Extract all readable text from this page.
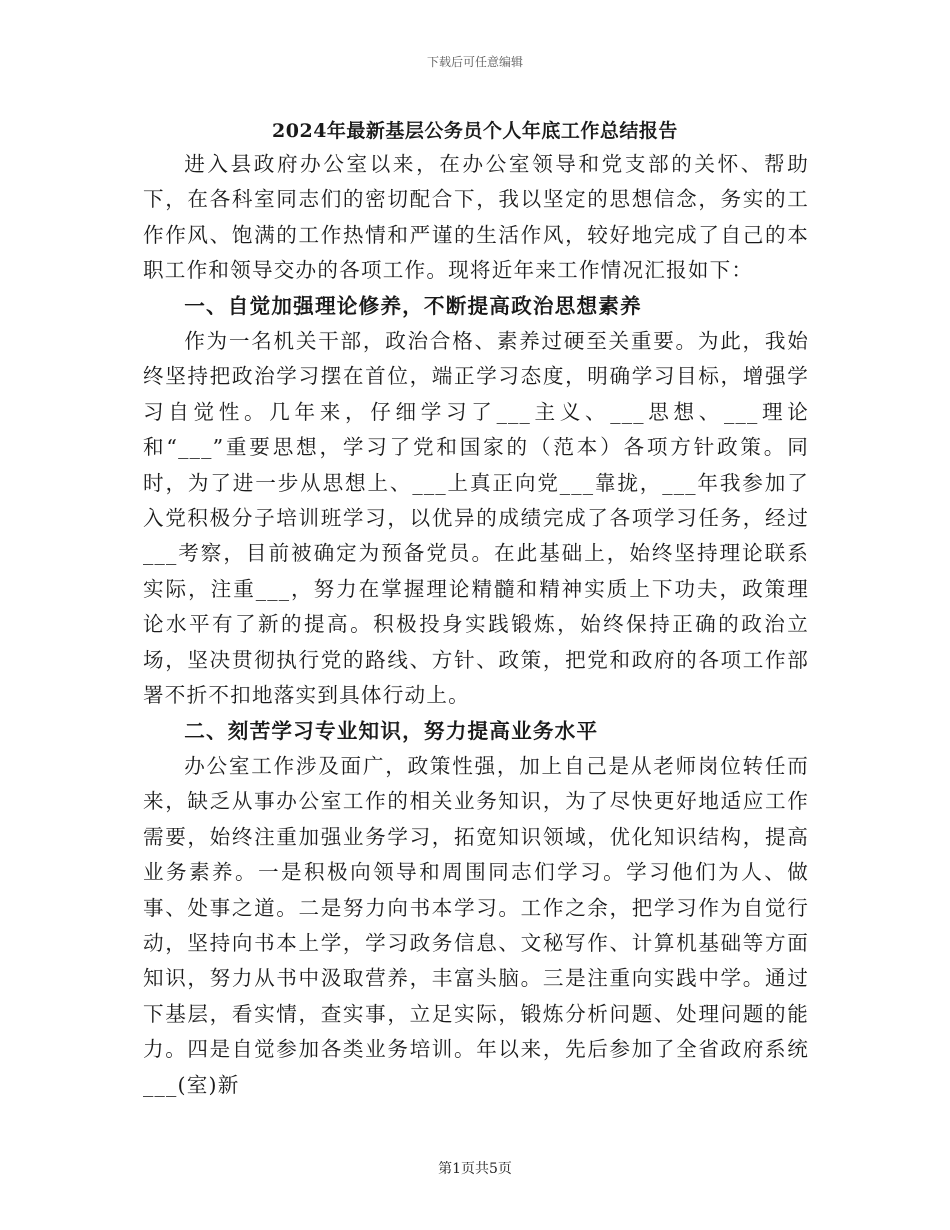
下载后可任意编辑
2024年最新基层公务员个人年底工作总结报告

进入县政府办公室以来，在办公室领导和党支部的关怀、帮助下，在各科室同志们的密切配合下，我以坚定的思想信念，务实的工作作风、饱满的工作热情和严谨的生活作风，较好地完成了自己的本职工作和领导交办的各项工作。现将近年来工作情况汇报如下：

一、自觉加强理论修养，不断提高政治思想素养

作为一名机关干部，政治合格、素养过硬至关重要。为此，我始终坚持把政治学习摆在首位，端正学习态度，明确学习目标，增强学习自觉性。几年来，仔细学习了___主义、___思想、___理论和“___”重要思想，学习了党和国家的（范本）各项方针政策。同时，为了进一步从思想上、___上真正向党___靠拢，___年我参加了入党积极分子培训班学习，以优异的成绩完成了各项学习任务，经过___考察，目前被确定为预备党员。在此基础上，始终坚持理论联系实际，注重___，努力在掌握理论精髓和精神实质上下功夫，政策理论水平有了新的提高。积极投身实践锻炼，始终保持正确的政治立场，坚决贯彻执行党的路线、方针、政策，把党和政府的各项工作部署不折不扣地落实到具体行动上。

二、刻苦学习专业知识，努力提高业务水平

办公室工作涉及面广，政策性强，加上自己是从老师岗位转任而来，缺乏从事办公室工作的相关业务知识，为了尽快更好地适应工作需要，始终注重加强业务学习，拓宽知识领域，优化知识结构，提高业务素养。一是积极向领导和周围同志们学习。学习他们为人、做事、处事之道。二是努力向书本学习。工作之余，把学习作为自觉行动，坚持向书本上学，学习政务信息、文秘写作、计算机基础等方面知识，努力从书中汲取营养，丰富头脑。三是注重向实践中学。通过下基层，看实情，查实事，立足实际，锻炼分析问题、处理问题的能力。四是自觉参加各类业务培训。年以来，先后参加了全省政府系统___(室)新

第1页共5页
